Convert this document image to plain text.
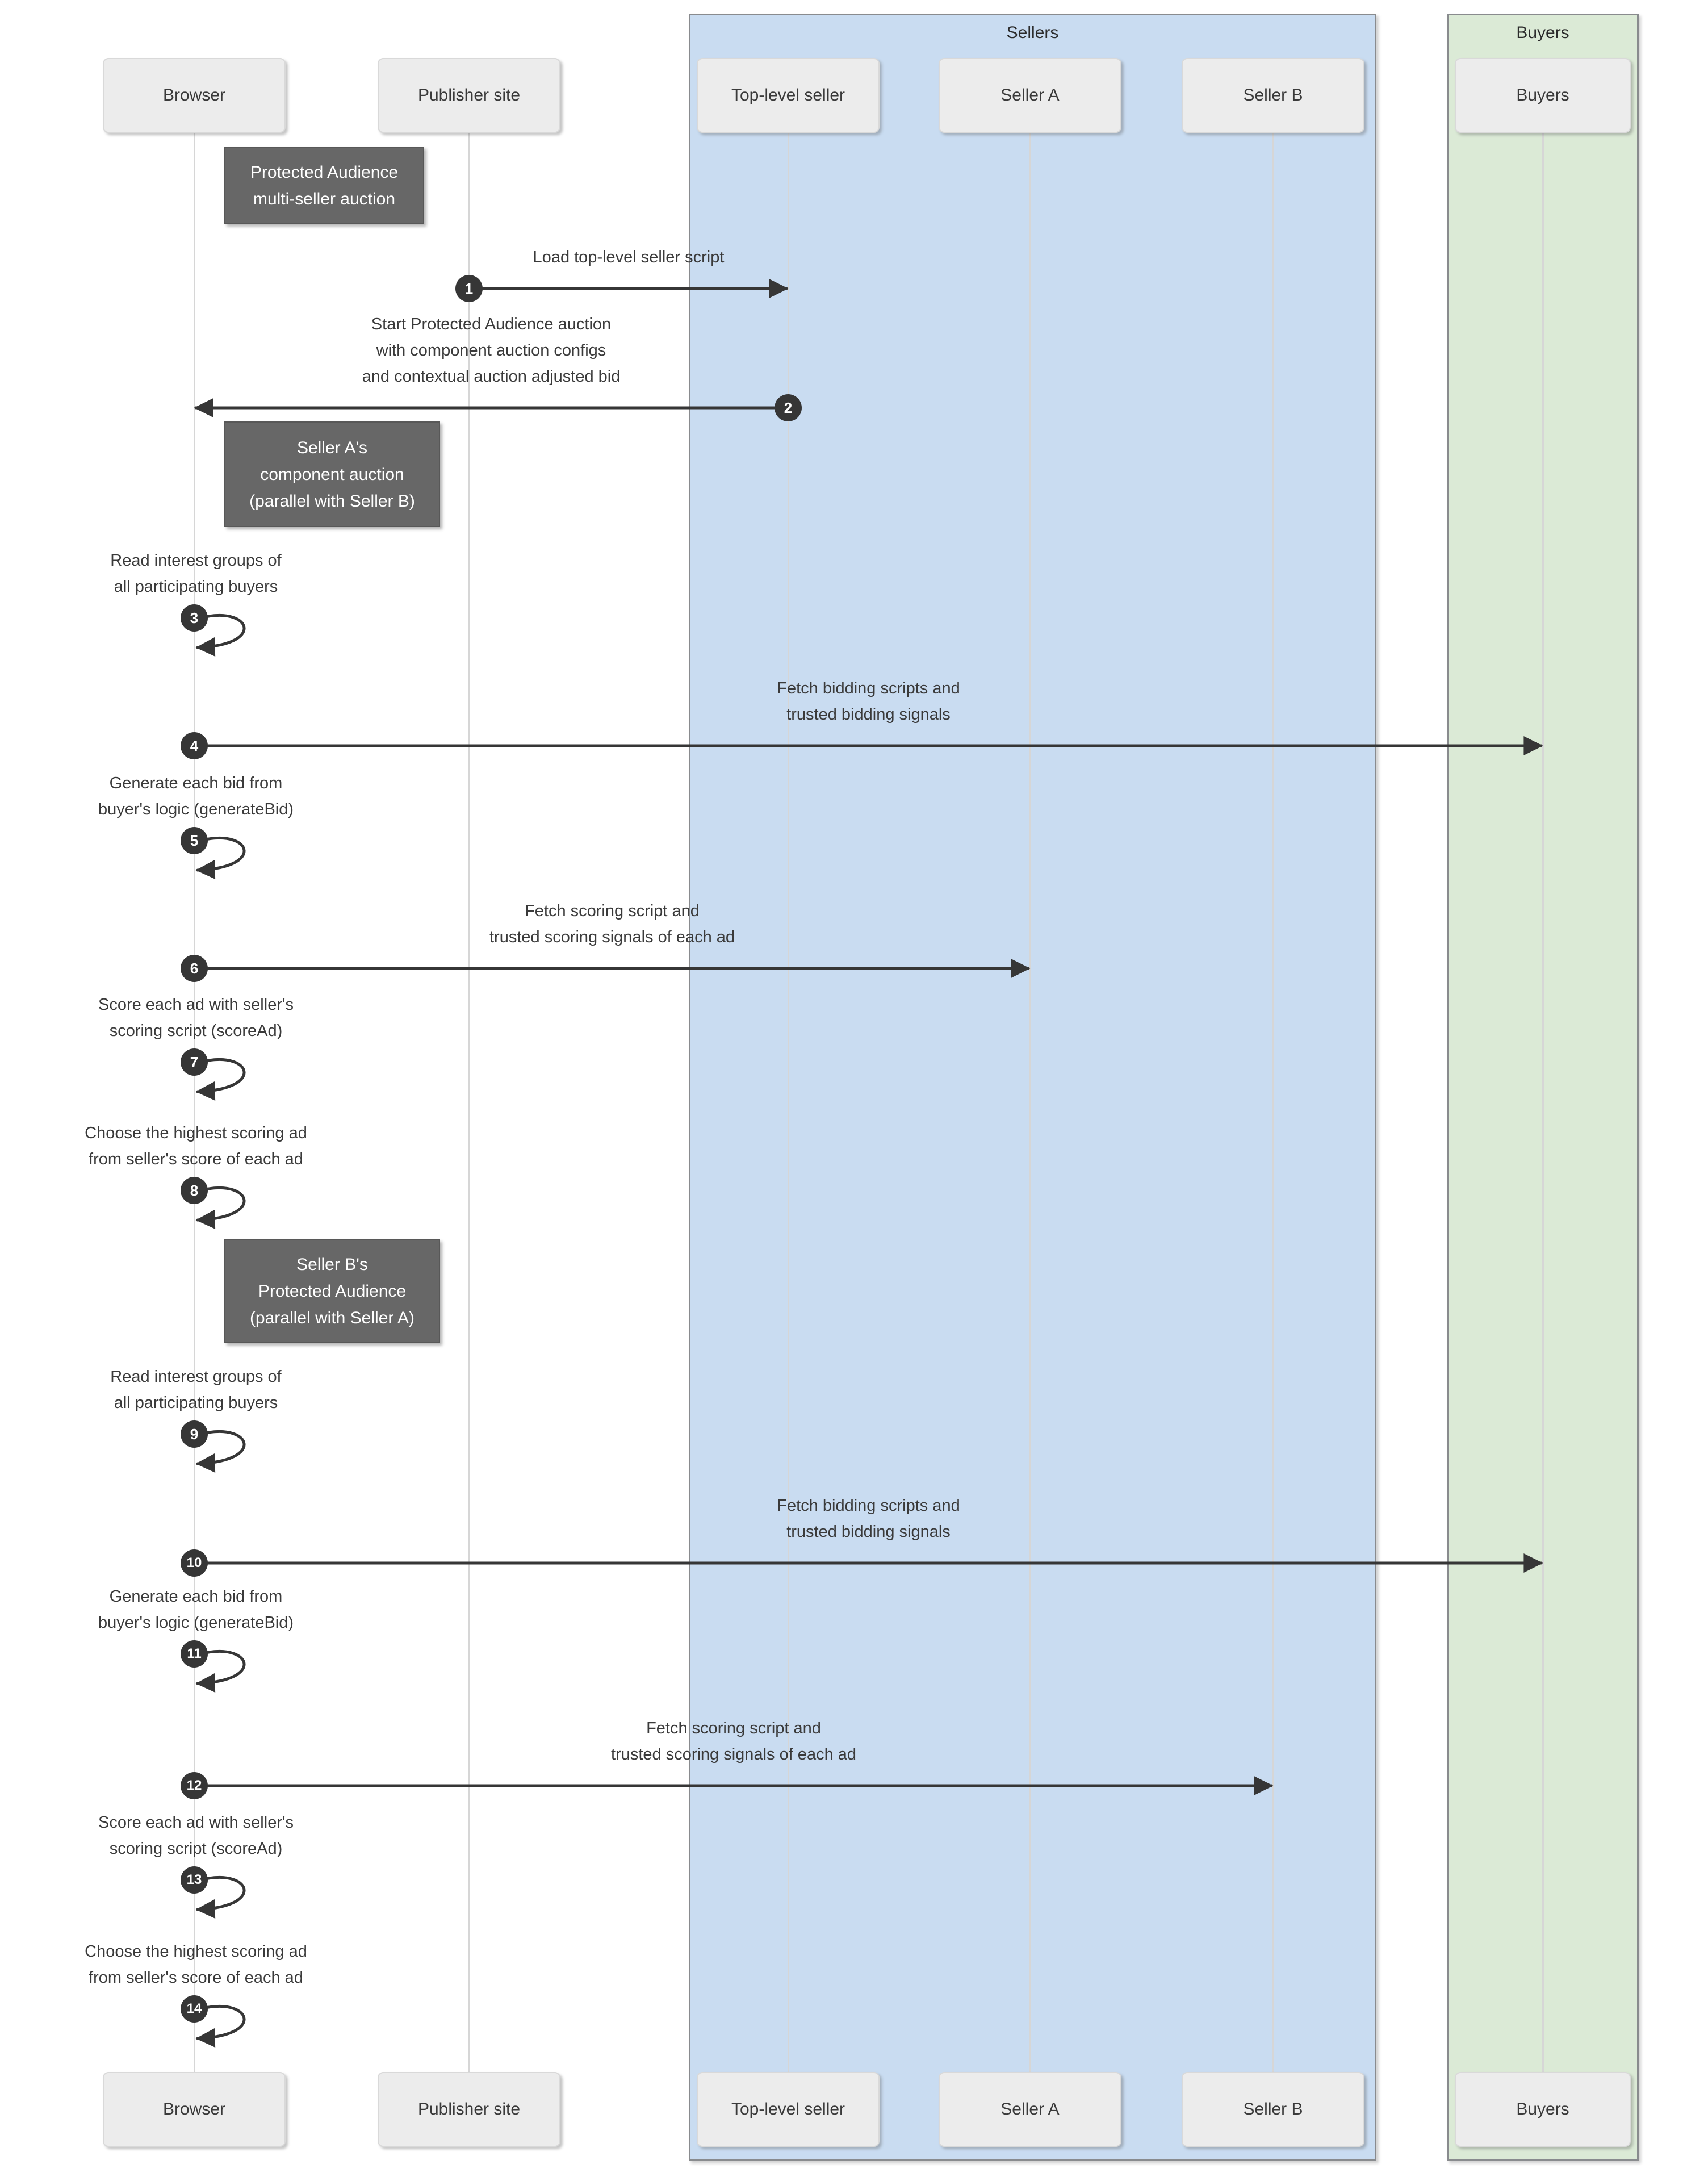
Sellers	Buyers
Protected Audience
multi-seller auction
Seller A's
component auction
(parallel with Seller B)
Seller B's
Protected Audience
(parallel with Seller A)
Load top-level seller script
Start Protected Audience auction
with component auction configs
and contextual auction adjusted bid
Read interest groups of
all participating buyers
Fetch bidding scripts and
trusted bidding signals
Generate each bid from
buyer's logic (generateBid)
Fetch scoring script and
trusted scoring signals of each ad
Score each ad with seller's
scoring script (scoreAd)
Choose the highest scoring ad
from seller's score of each ad
Read interest groups of
all participating buyers
Fetch bidding scripts and
trusted bidding signals
Generate each bid from
buyer's logic (generateBid)
Fetch scoring script and
trusted scoring signals of each ad
Score each ad with seller's
scoring script (scoreAd)
Choose the highest scoring ad
from seller's score of each ad
1
2
3
4
5
6
7
8
9
10
11
12
13
14
Browser
Browser
Publisher site
Publisher site
Top-level seller
Top-level seller
Seller A
Seller A
Seller B
Seller B
Buyers
Buyers
